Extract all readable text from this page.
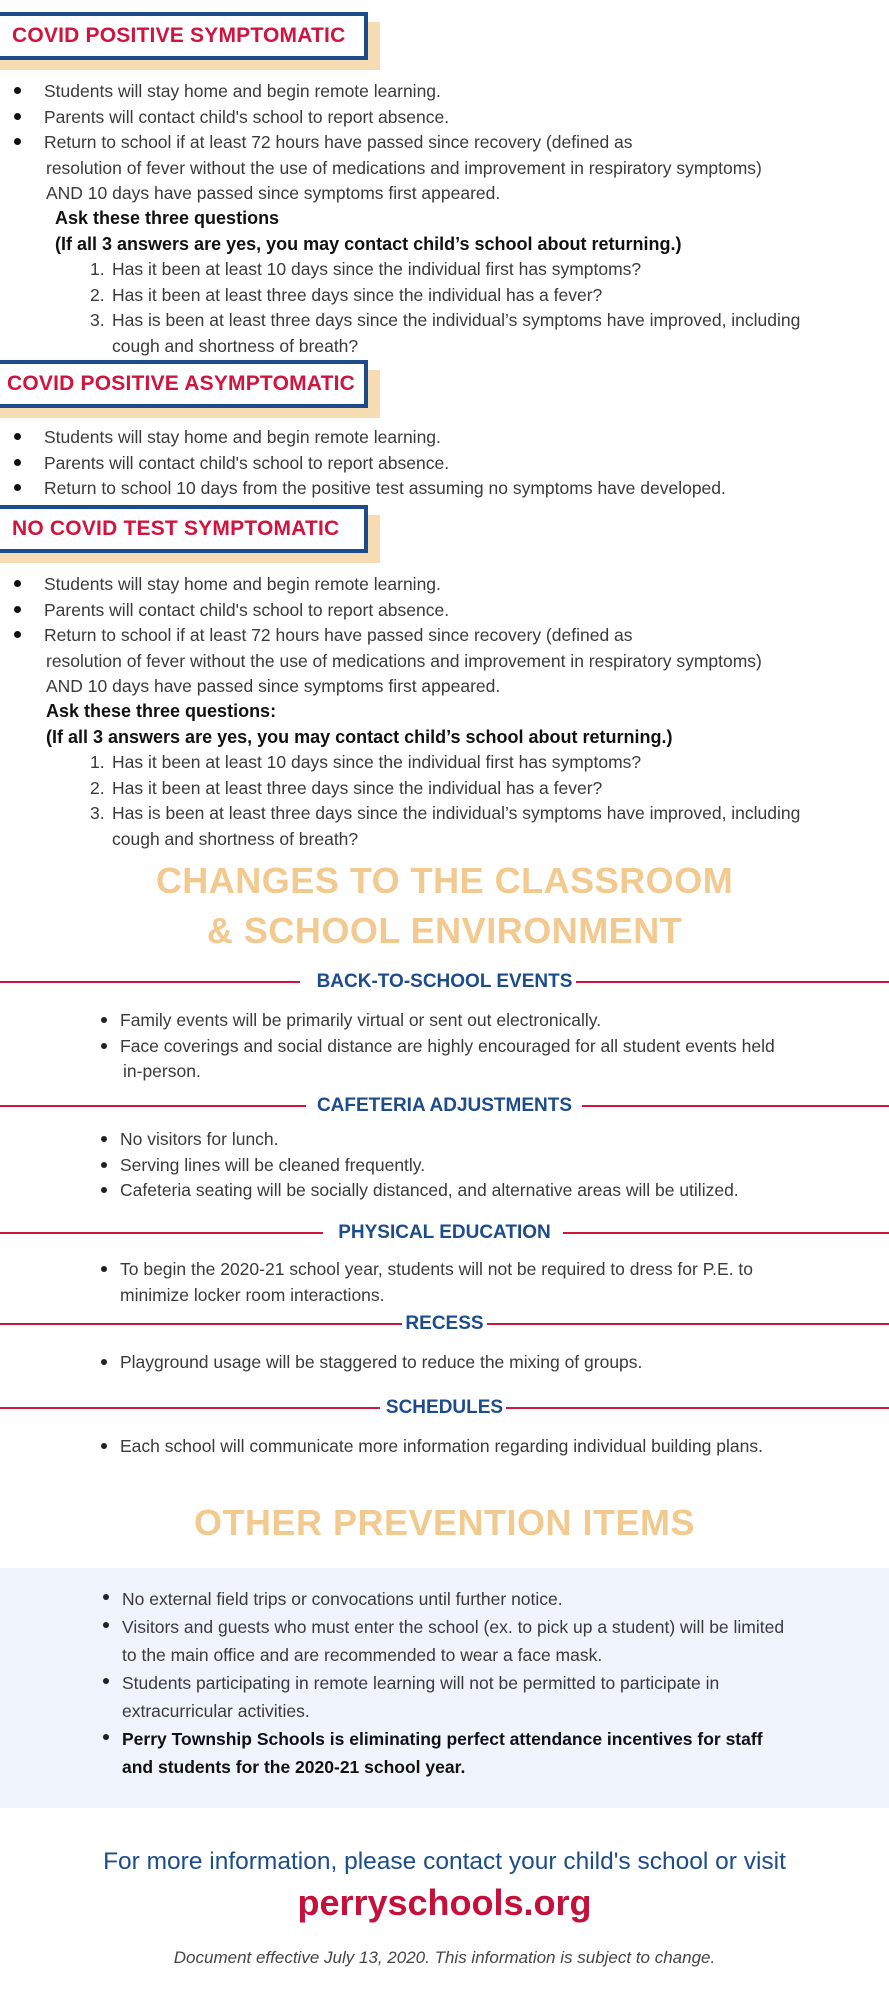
COVID POSITIVE SYMPTOMATIC
Students will stay home and begin remote learning.
Parents will contact child's school to report absence.
Return to school if at least 72 hours have passed since recovery (defined as
resolution of fever without the use of medications and improvement in respiratory symptoms)
AND 10 days have passed since symptoms first appeared.
Ask these three questions
(If all 3 answers are yes, you may contact child’s school about returning.)
1. Has it been at least 10 days since the individual first has symptoms?
2. Has it been at least three days since the individual has a fever?
3. Has is been at least three days since the individual’s symptoms have improved, including
cough and shortness of breath?
COVID POSITIVE ASYMPTOMATIC
Students will stay home and begin remote learning.
Parents will contact child's school to report absence.
Return to school 10 days from the positive test assuming no symptoms have developed.
NO COVID TEST SYMPTOMATIC
Students will stay home and begin remote learning.
Parents will contact child's school to report absence.
Return to school if at least 72 hours have passed since recovery (defined as
resolution of fever without the use of medications and improvement in respiratory symptoms)
AND 10 days have passed since symptoms first appeared.
Ask these three questions:
(If all 3 answers are yes, you may contact child’s school about returning.)
1. Has it been at least 10 days since the individual first has symptoms?
2. Has it been at least three days since the individual has a fever?
3. Has is been at least three days since the individual’s symptoms have improved, including
cough and shortness of breath?
CHANGES TO THE CLASSROOM
& SCHOOL ENVIRONMENT
BACK-TO-SCHOOL EVENTS
Family events will be primarily virtual or sent out electronically.
Face coverings and social distance are highly encouraged for all student events held
in-person.
CAFETERIA ADJUSTMENTS
No visitors for lunch.
Serving lines will be cleaned frequently.
Cafeteria seating will be socially distanced, and alternative areas will be utilized.
PHYSICAL EDUCATION
To begin the 2020-21 school year, students will not be required to dress for P.E. to
minimize locker room interactions.
RECESS
Playground usage will be staggered to reduce the mixing of groups.
SCHEDULES
Each school will communicate more information regarding individual building plans.
OTHER PREVENTION ITEMS
No external field trips or convocations until further notice.
Visitors and guests who must enter the school (ex. to pick up a student) will be limited
to the main office and are recommended to wear a face mask.
Students participating in remote learning will not be permitted to participate in
extracurricular activities.
Perry Township Schools is eliminating perfect attendance incentives for staff
and students for the 2020-21 school year.
For more information, please contact your child's school or visit
perryschools.org
Document effective July 13, 2020. This information is subject to change.
